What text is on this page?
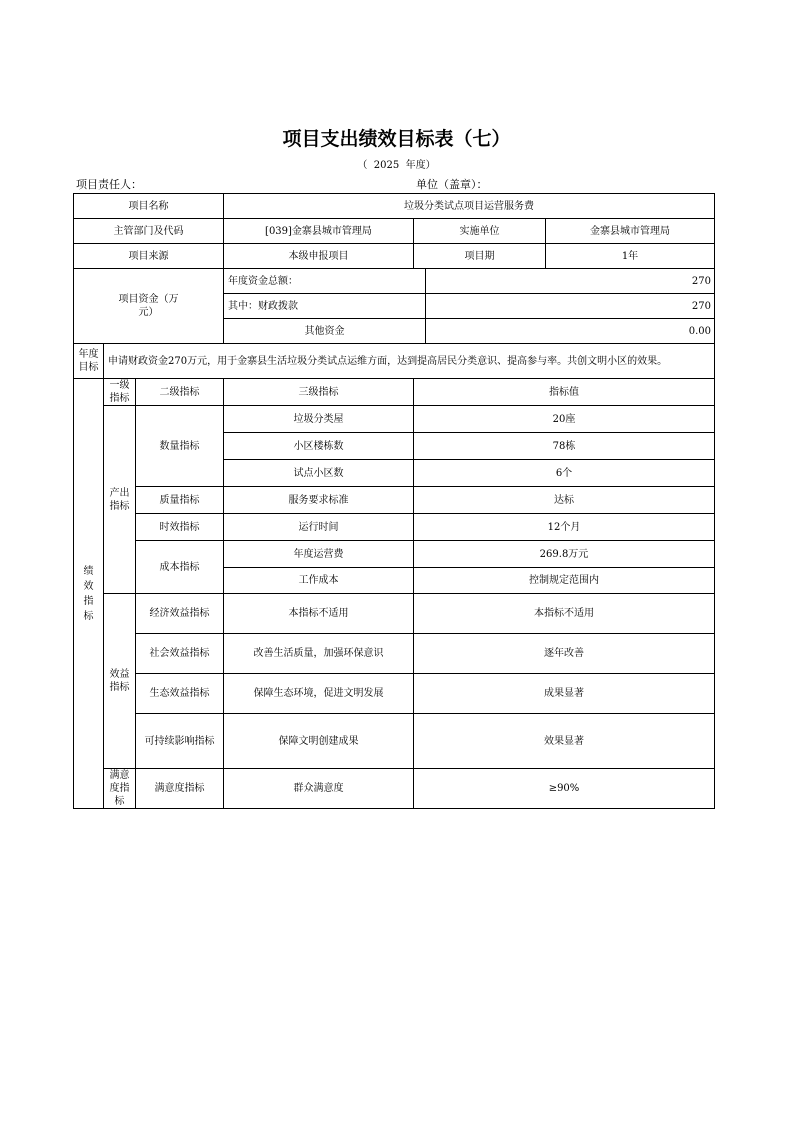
项目支出绩效目标表（七）
（  2025  年度）
项目责任人：	单位（盖章）：
项目名称			垃圾分类试点项目运营服务费			
主管部门及代码			[039]金寨县城市管理局	实施单位		金寨县城市管理局
项目来源			本级申报项目	项目期		1年
项目资金（万元）			年度资金总额：		270	
			其中：财政拨款		270	
			其他资金		0.00	
年度目标	申请财政资金270万元，用于金寨县生活垃圾分类试点运维方面，达到提高居民分类意识、提高参与率。共创文明小区的效果。					
绩效指标	一级指标	二级指标	三级指标	指标值		
	产出指标	数量指标	垃圾分类屋	20座		
			小区楼栋数	78栋		
			试点小区数	6个		
		质量指标	服务要求标准	达标		
		时效指标	运行时间	12个月		
		成本指标	年度运营费	269.8万元		
			工作成本	控制规定范围内		
	效益指标	经济效益指标	本指标不适用	本指标不适用		
		社会效益指标	改善生活质量，加强环保意识	逐年改善		
		生态效益指标	保障生态环境，促进文明发展	成果显著		
		可持续影响指标	保障文明创建成果	效果显著		
	满意度指标	满意度指标	群众满意度	≥90%		
